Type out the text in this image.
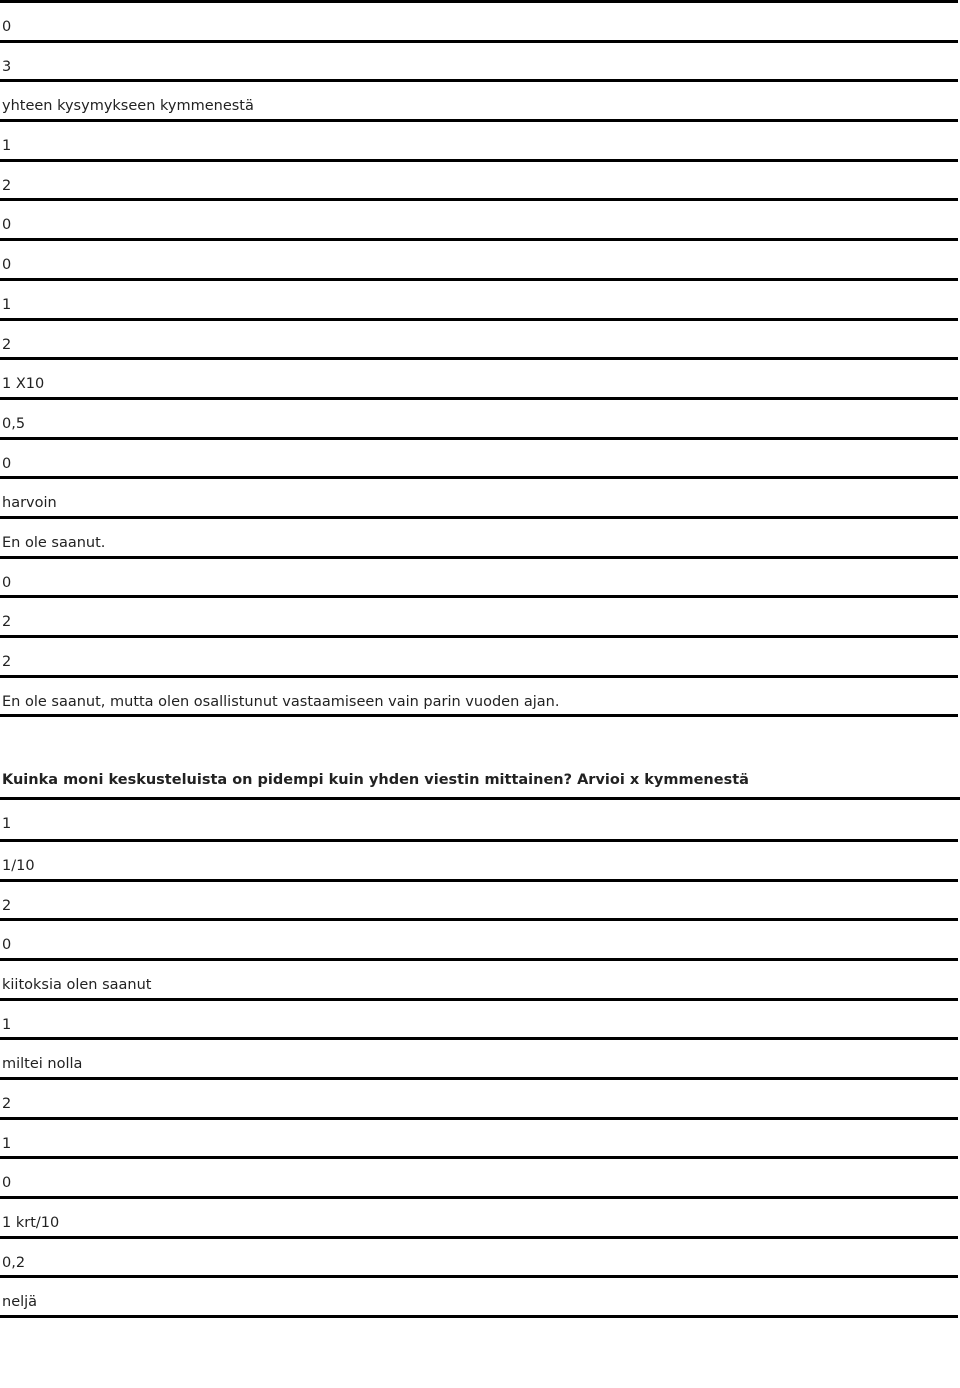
0
3
yhteen kysymykseen kymmenestä
1
2
0
0
1
2
1 X10
0,5
0
harvoin
En ole saanut.
0
2
2
En ole saanut, mutta olen osallistunut vastaamiseen vain parin vuoden ajan.
Kuinka moni keskusteluista on pidempi kuin yhden viestin mittainen? Arvioi x kymmenestä
1
1/10
2
0
kiitoksia olen saanut
1
miltei nolla
2
1
0
1 krt/10
0,2
neljä
